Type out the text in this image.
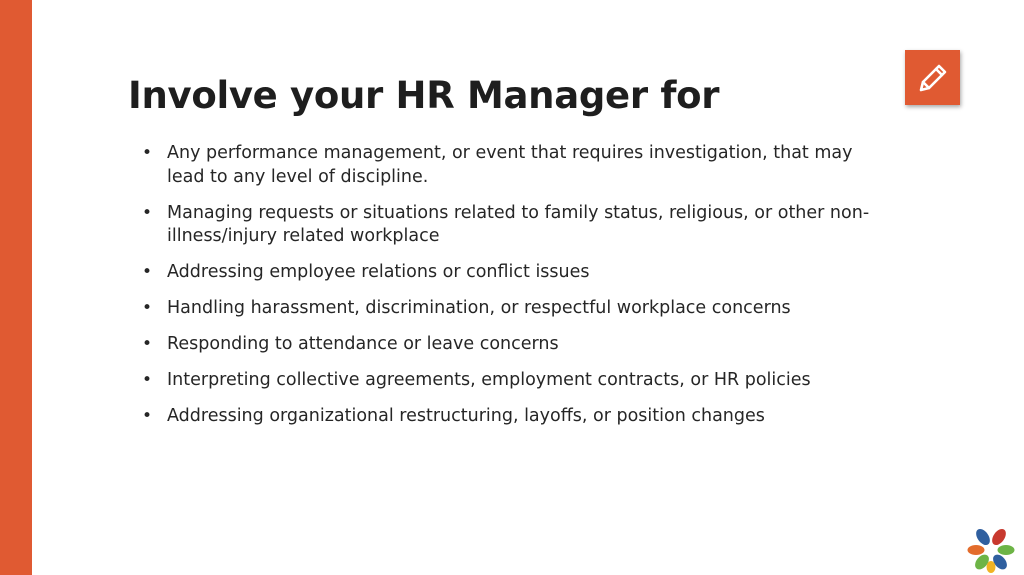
Involve your HR Manager for
• Any performance management, or event that requires investigation, that may lead to any level of discipline.
• Managing requests or situations related to family status, religious, or other non-illness/injury related workplace
• Addressing employee relations or conflict issues
• Handling harassment, discrimination, or respectful workplace concerns
• Responding to attendance or leave concerns
• Interpreting collective agreements, employment contracts, or HR policies
• Addressing organizational restructuring, layoffs, or position changes
